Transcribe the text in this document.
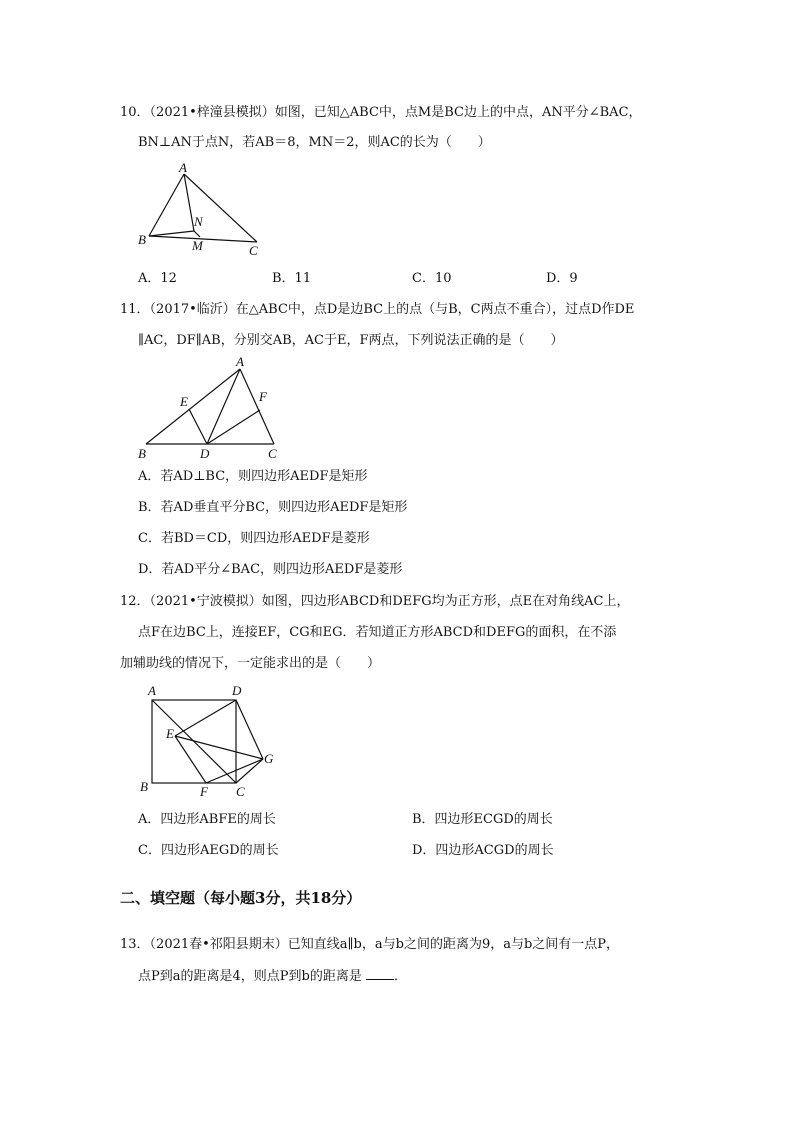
10．（2021•梓潼县模拟）如图，已知△ABC中，点M是BC边上的中点，AN平分∠BAC，
BN⊥AN于点N，若AB＝8，MN＝2，则AC的长为（　　）
A
B
C
N
M
A．12	B．11	C．10	D．9
11．（2017•临沂）在△ABC中，点D是边BC上的点（与B，C两点不重合），过点D作DE
∥AC，DF∥AB，分别交AB，AC于E，F两点，下列说法正确的是（　　）
A
B	C
D
E	F
A．若AD⊥BC，则四边形AEDF是矩形
B．若AD垂直平分BC，则四边形AEDF是矩形
C．若BD＝CD，则四边形AEDF是菱形
D．若AD平分∠BAC，则四边形AEDF是菱形
12．（2021•宁波模拟）如图，四边形ABCD和DEFG均为正方形，点E在对角线AC上，
点F在边BC上，连接EF，CG和EG．若知道正方形ABCD和DEFG的面积，在不添
加辅助线的情况下，一定能求出的是（　　）
A	D
B	C
F
E
G
A．四边形ABFE的周长	B．四边形ECGD的周长
C．四边形AEGD的周长	D．四边形ACGD的周长
二、填空题（每小题3分，共18分）
13．（2021春•祁阳县期末）已知直线a∥b，a与b之间的距离为9，a与b之间有一点P，
点P到a的距离是4，则点P到b的距离是 ．
